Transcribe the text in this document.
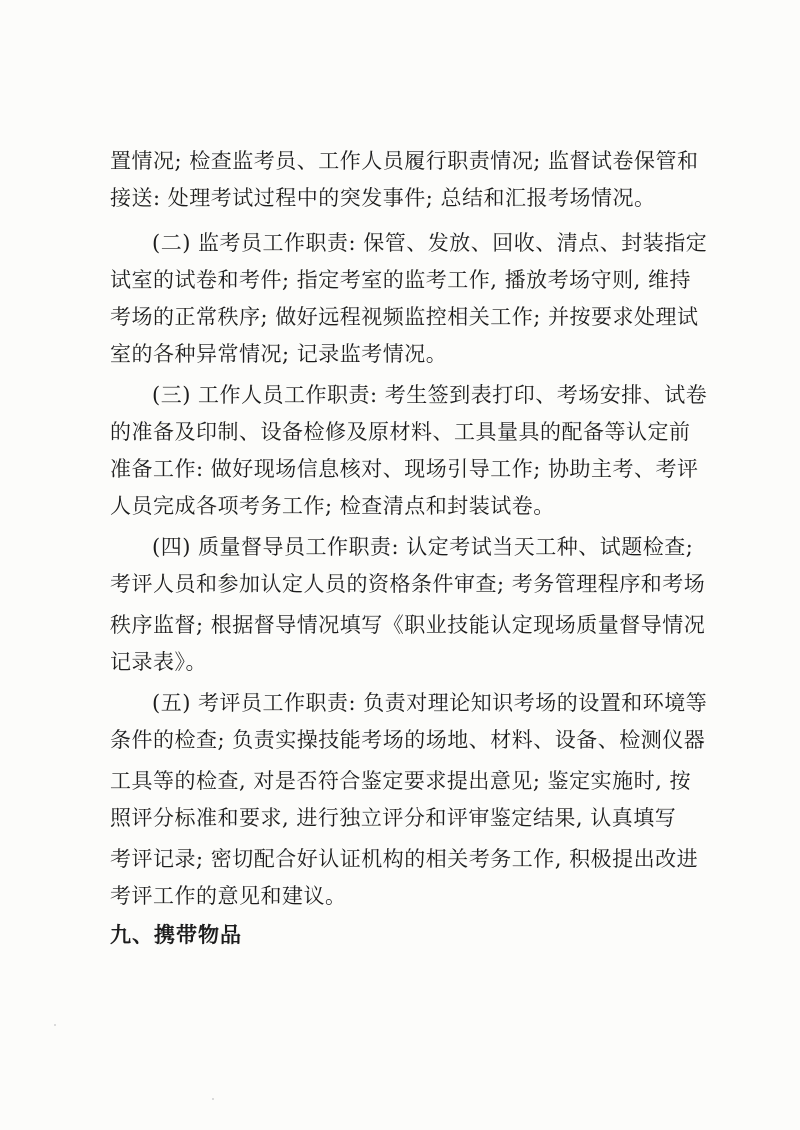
置情况; 检查监考员、工作人员履行职责情况; 监督试卷保管和
接送: 处理考试过程中的突发事件; 总结和汇报考场情况。
(二) 监考员工作职责: 保管、发放、回收、清点、封装指定
试室的试卷和考件; 指定考室的监考工作, 播放考场守则, 维持
考场的正常秩序; 做好远程视频监控相关工作; 并按要求处理试
室的各种异常情况; 记录监考情况。
(三) 工作人员工作职责: 考生签到表打印、考场安排、试卷
的准备及印制、设备检修及原材料、工具量具的配备等认定前
准备工作: 做好现场信息核对、现场引导工作; 协助主考、考评
人员完成各项考务工作; 检查清点和封装试卷。
(四) 质量督导员工作职责: 认定考试当天工种、试题检查;
考评人员和参加认定人员的资格条件审查; 考务管理程序和考场
秩序监督; 根据督导情况填写《职业技能认定现场质量督导情况
记录表》。
(五) 考评员工作职责: 负责对理论知识考场的设置和环境等
条件的检查; 负责实操技能考场的场地、材料、设备、检测仪器
工具等的检查, 对是否符合鉴定要求提出意见; 鉴定实施时, 按
照评分标准和要求, 进行独立评分和评审鉴定结果, 认真填写
考评记录; 密切配合好认证机构的相关考务工作, 积极提出改进
考评工作的意见和建议。
九、携带物品
